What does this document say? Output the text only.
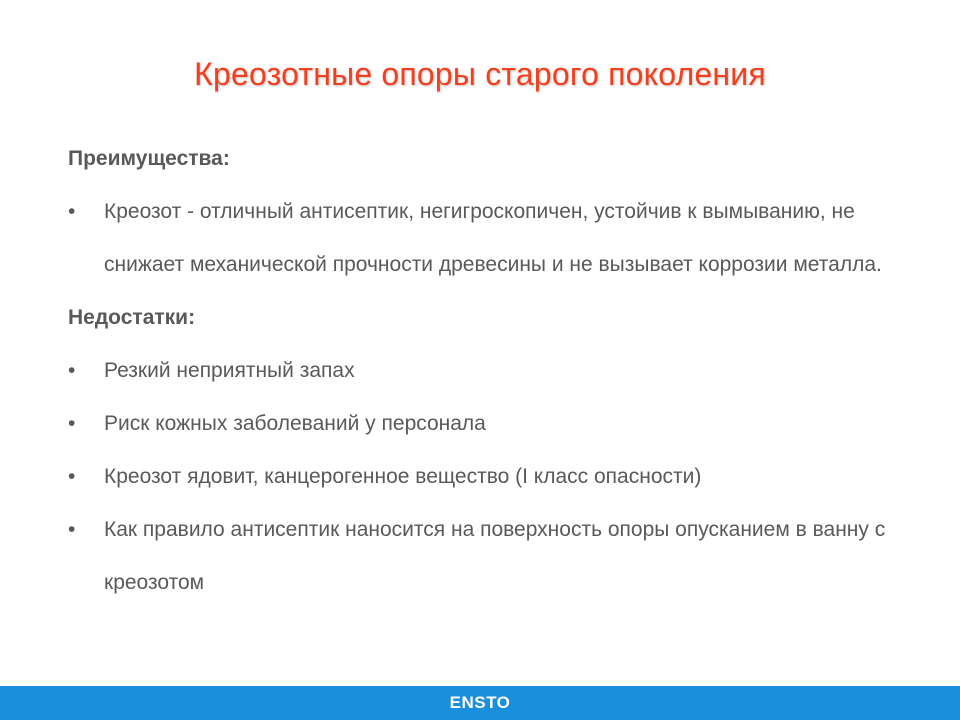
Креозотные опоры старого поколения

Преимущества:

• Креозот - отличный антисептик, негигроскопичен, устойчив к вымыванию, не снижает механической прочности древесины и не вызывает коррозии металла.

Недостатки:

• Резкий неприятный запах
• Риск кожных заболеваний у персонала
• Креозот ядовит, канцерогенное вещество (I класс опасности)
• Как правило антисептик наносится на поверхность опоры опусканием в ванну с креозотом
ENSTO
